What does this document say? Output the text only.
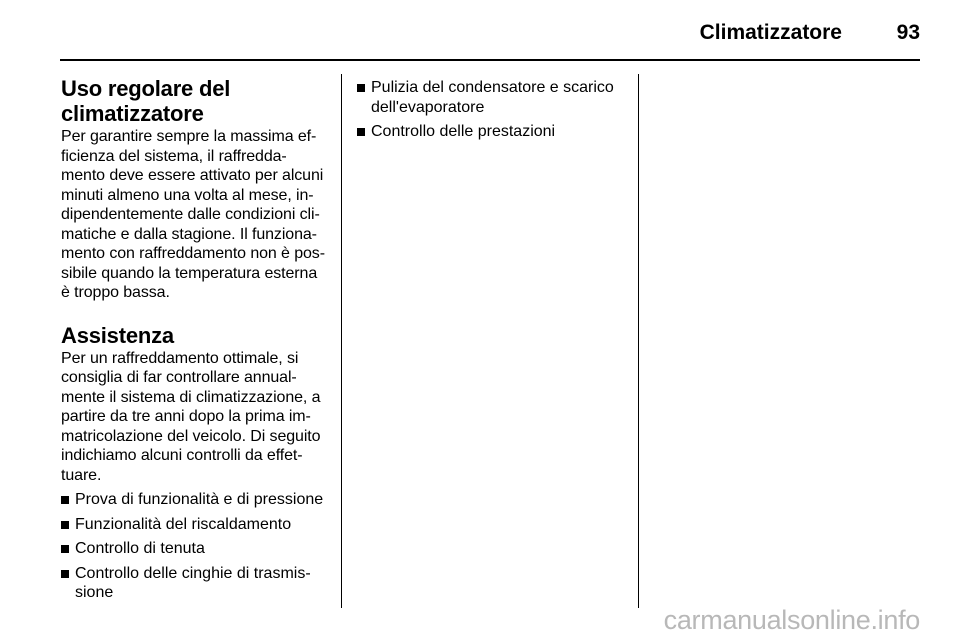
Climatizzatore	93
Uso regolare del
climatizzatore

Per garantire sempre la massima ef-
ficienza del sistema, il raffredda-
mento deve essere attivato per alcuni
minuti almeno una volta al mese, in-
dipendentemente dalle condizioni cli-
matiche e dalla stagione. Il funziona-
mento con raffreddamento non è pos-
sibile quando la temperatura esterna
è troppo bassa.

Assistenza

Per un raffreddamento ottimale, si
consiglia di far controllare annual-
mente il sistema di climatizzazione, a
partire da tre anni dopo la prima im-
matricolazione del veicolo. Di seguito
indichiamo alcuni controlli da effet-
tuare.

Prova di funzionalità e di pressione
Funzionalità del riscaldamento
Controllo di tenuta
Controllo delle cinghie di trasmis-
sione
Pulizia del condensatore e scarico
dell'evaporatore
Controllo delle prestazioni
carmanualsonline.info
